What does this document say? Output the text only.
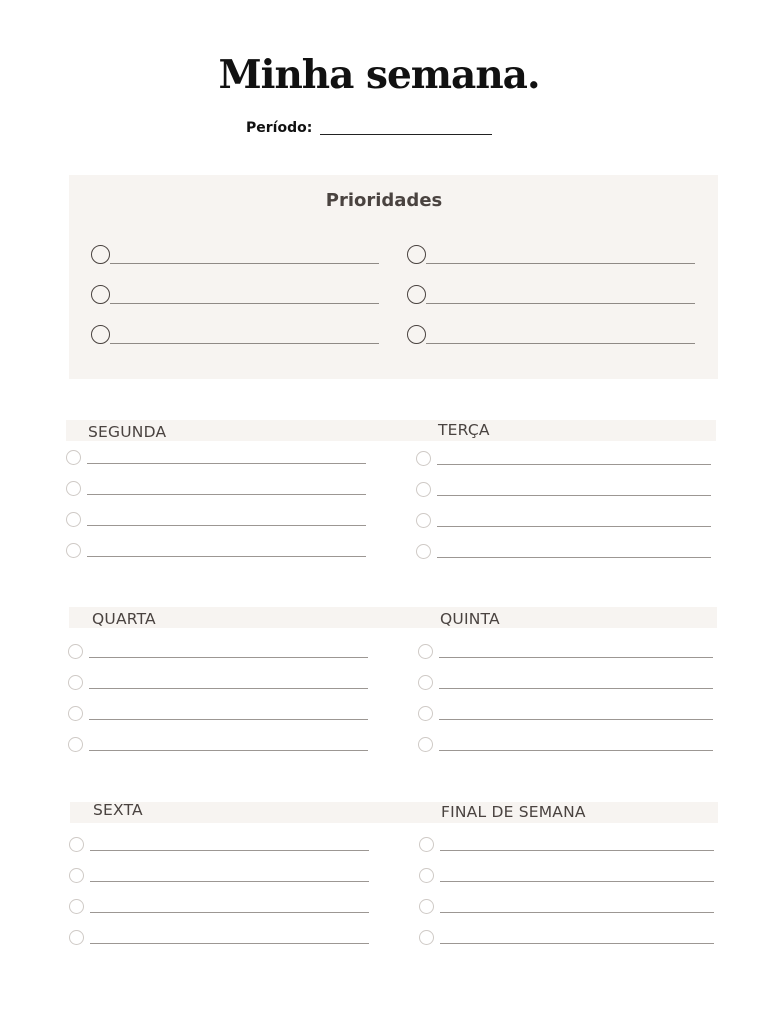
Minha semana.
Período:
Prioridades
SEGUNDA	TERÇA
QUARTA	QUINTA
SEXTA	FINAL DE SEMANA
